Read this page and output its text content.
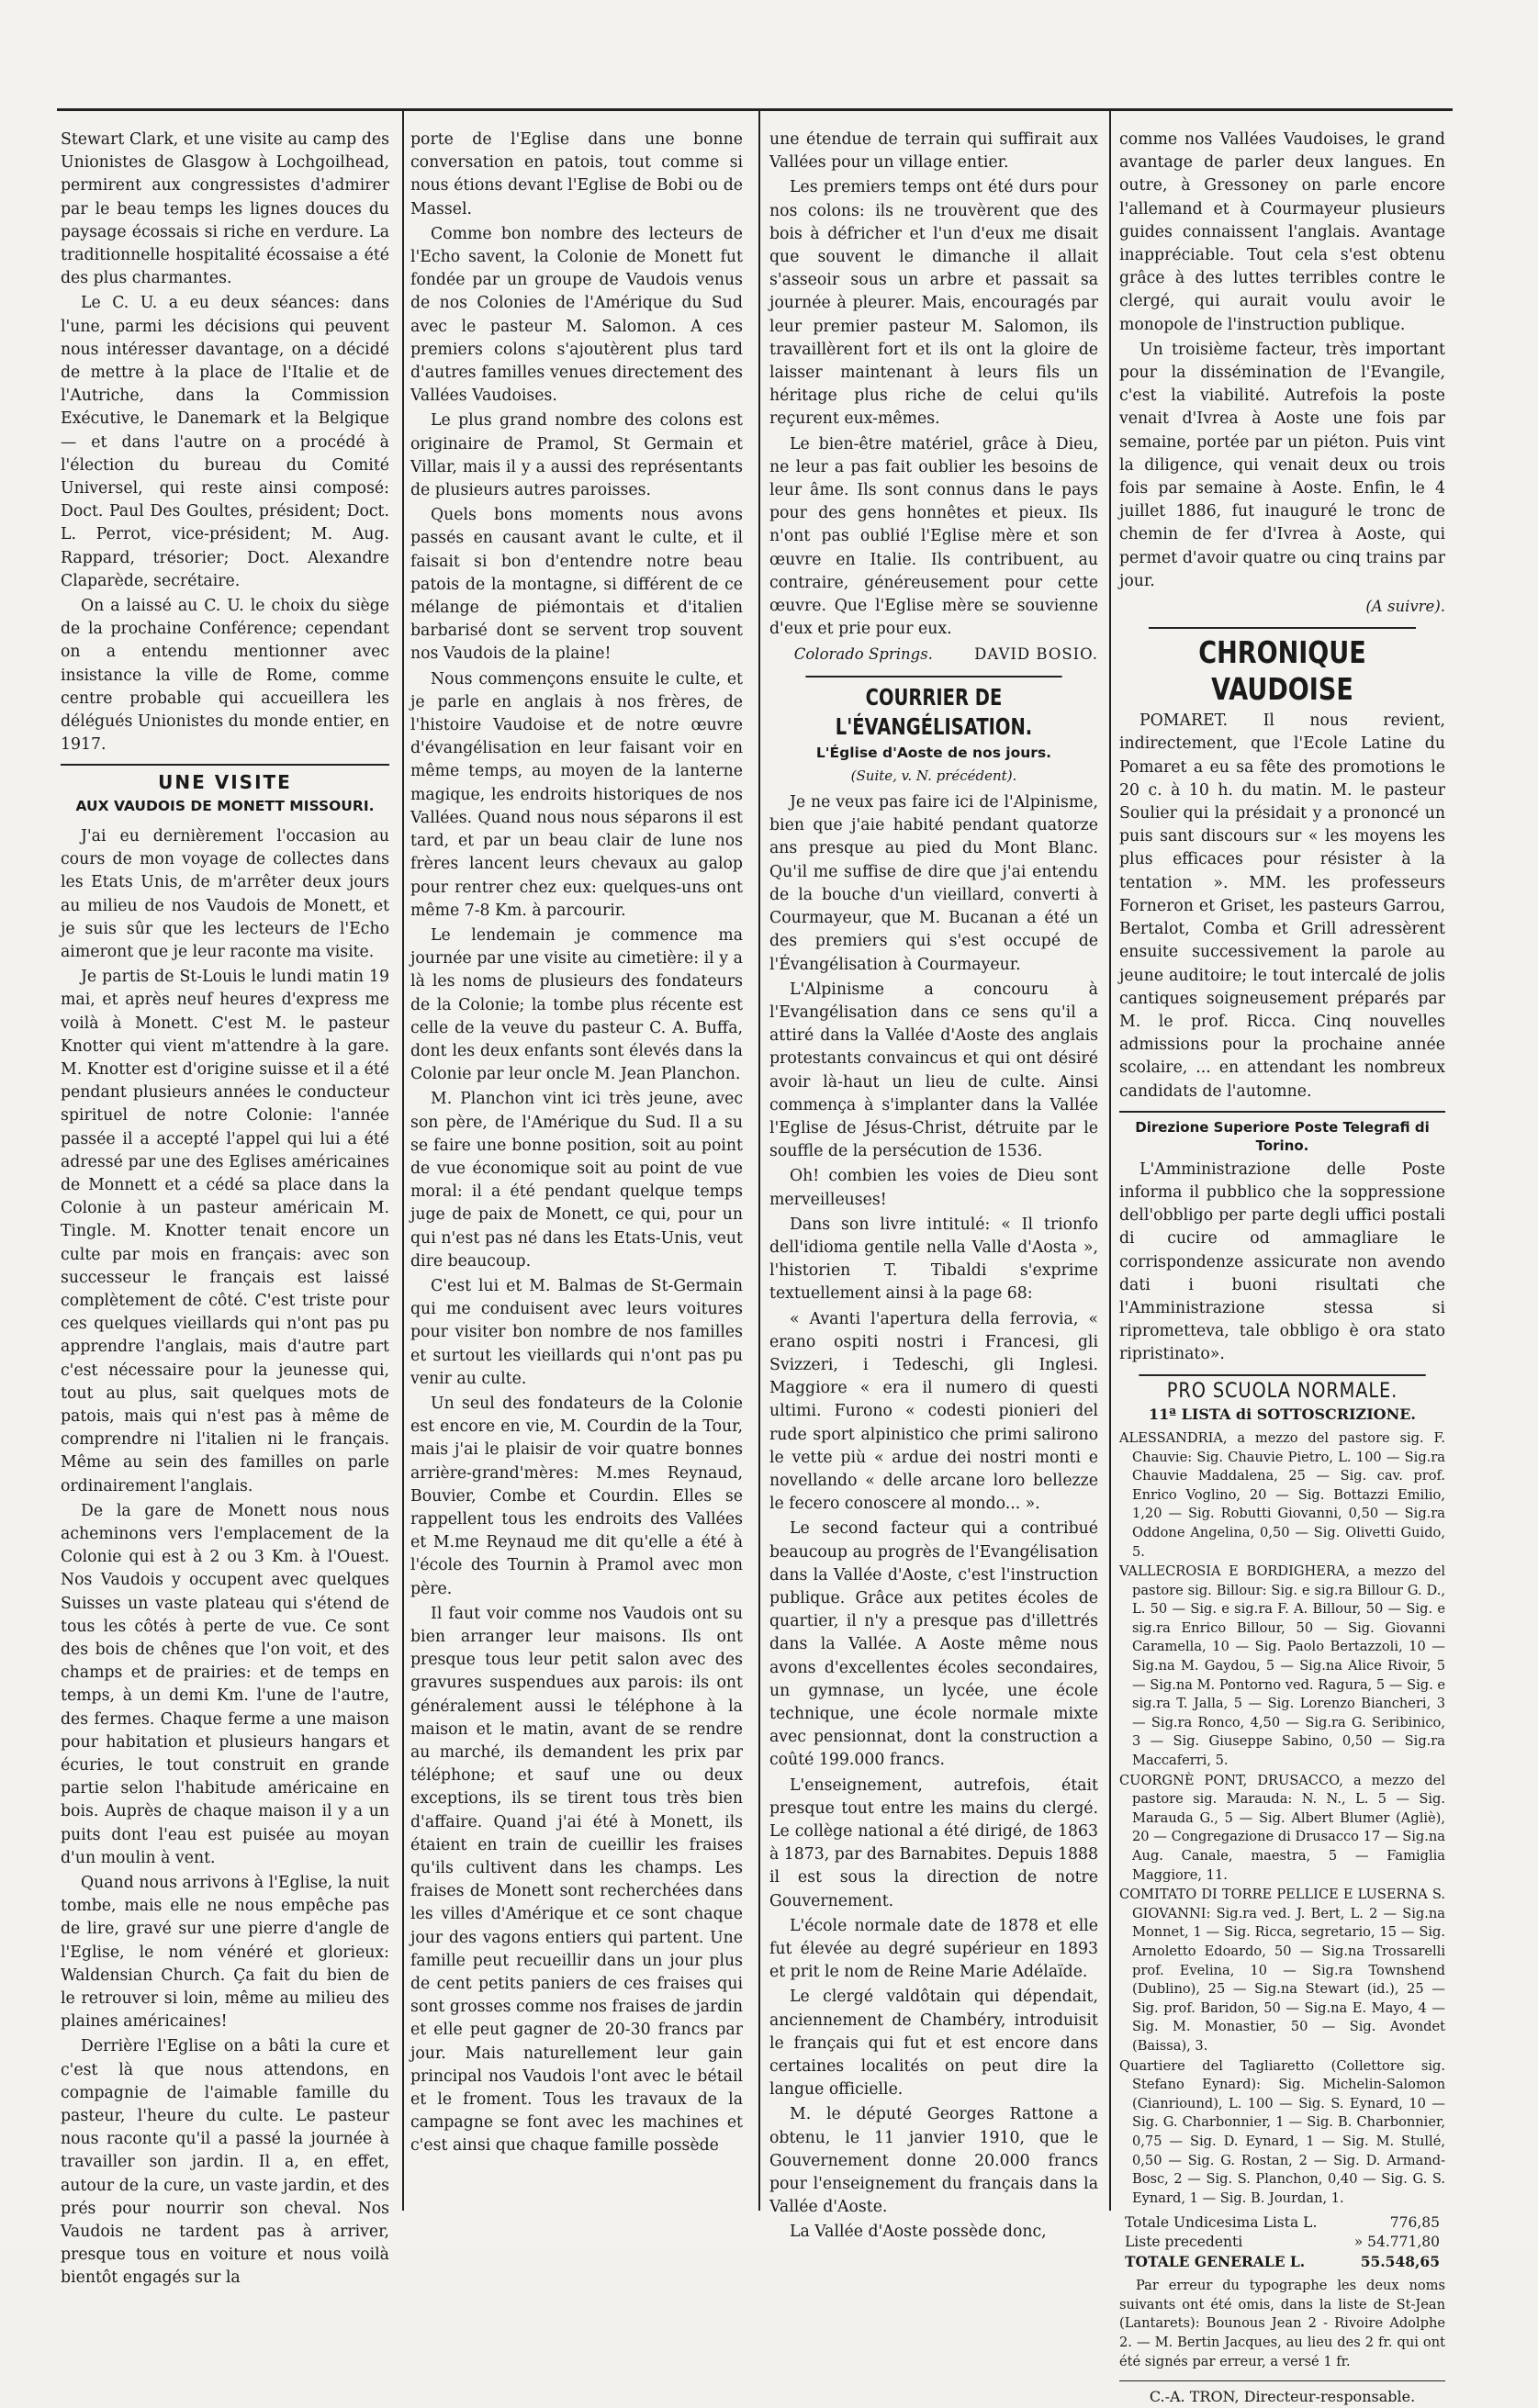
Stewart Clark, et une visite au camp des Unionistes de Glasgow à Lochgoilhead, permirent aux congressistes d'admirer par le beau temps les lignes douces du paysage écossais si riche en verdure. La traditionnelle hospitalité écossaise a été des plus charmantes.

Le C. U. a eu deux séances: dans l'une, parmi les décisions qui peuvent nous intéresser davantage, on a décidé de mettre à la place de l'Italie et de l'Autriche, dans la Commission Exécutive, le Danemark et la Belgique — et dans l'autre on a procédé à l'élection du bureau du Comité Universel, qui reste ainsi composé: Doct. Paul Des Goultes, président; Doct. L. Perrot, vice-président; M. Aug. Rappard, trésorier; Doct. Alexandre Claparède, secrétaire.

On a laissé au C. U. le choix du siège de la prochaine Conférence; cependant on a entendu mentionner avec insistance la ville de Rome, comme centre probable qui accueillera les délégués Unionistes du monde entier, en 1917.

UNE VISITE
AUX VAUDOIS DE MONETT MISSOURI.

J'ai eu dernièrement l'occasion au cours de mon voyage de collectes dans les Etats Unis, de m'arrêter deux jours au milieu de nos Vaudois de Monett, et je suis sûr que les lecteurs de l'Echo aimeront que je leur raconte ma visite.

Je partis de St-Louis le lundi matin 19 mai, et après neuf heures d'express me voilà à Monett. C'est M. le pasteur Knotter qui vient m'attendre à la gare. M. Knotter est d'origine suisse et il a été pendant plusieurs années le conducteur spirituel de notre Colonie: l'année passée il a accepté l'appel qui lui a été adressé par une des Eglises américaines de Monnett et a cédé sa place dans la Colonie à un pasteur américain M. Tingle. M. Knotter tenait encore un culte par mois en français: avec son successeur le français est laissé complètement de côté. C'est triste pour ces quelques vieillards qui n'ont pas pu apprendre l'anglais, mais d'autre part c'est nécessaire pour la jeunesse qui, tout au plus, sait quelques mots de patois, mais qui n'est pas à même de comprendre ni l'italien ni le français. Même au sein des familles on parle ordinairement l'anglais.

De la gare de Monett nous nous acheminons vers l'emplacement de la Colonie qui est à 2 ou 3 Km. à l'Ouest. Nos Vaudois y occupent avec quelques Suisses un vaste plateau qui s'étend de tous les côtés à perte de vue. Ce sont des bois de chênes que l'on voit, et des champs et de prairies: et de temps en temps, à un demi Km. l'une de l'autre, des fermes. Chaque ferme a une maison pour habitation et plusieurs hangars et écuries, le tout construit en grande partie selon l'habitude américaine en bois. Auprès de chaque maison il y a un puits dont l'eau est puisée au moyan d'un moulin à vent.

Quand nous arrivons à l'Eglise, la nuit tombe, mais elle ne nous empêche pas de lire, gravé sur une pierre d'angle de l'Eglise, le nom vénéré et glorieux: Waldensian Church. Ça fait du bien de le retrouver si loin, même au milieu des plaines américaines!

Derrière l'Eglise on a bâti la cure et c'est là que nous attendons, en compagnie de l'aimable famille du pasteur, l'heure du culte. Le pasteur nous raconte qu'il a passé la journée à travailler son jardin. Il a, en effet, autour de la cure, un vaste jardin, et des prés pour nourrir son cheval. Nos Vaudois ne tardent pas à arriver, presque tous en voiture et nous voilà bientôt engagés sur la

porte de l'Eglise dans une bonne conversation en patois, tout comme si nous étions devant l'Eglise de Bobi ou de Massel.

Comme bon nombre des lecteurs de l'Echo savent, la Colonie de Monett fut fondée par un groupe de Vaudois venus de nos Colonies de l'Amérique du Sud avec le pasteur M. Salomon. A ces premiers colons s'ajoutèrent plus tard d'autres familles venues directement des Vallées Vaudoises.

Le plus grand nombre des colons est originaire de Pramol, St Germain et Villar, mais il y a aussi des représentants de plusieurs autres paroisses.

Quels bons moments nous avons passés en causant avant le culte, et il faisait si bon d'entendre notre beau patois de la montagne, si différent de ce mélange de piémontais et d'italien barbarisé dont se servent trop souvent nos Vaudois de la plaine!

Nous commençons ensuite le culte, et je parle en anglais à nos frères, de l'histoire Vaudoise et de notre œuvre d'évangélisation en leur faisant voir en même temps, au moyen de la lanterne magique, les endroits historiques de nos Vallées. Quand nous nous séparons il est tard, et par un beau clair de lune nos frères lancent leurs chevaux au galop pour rentrer chez eux: quelques-uns ont même 7-8 Km. à parcourir.

Le lendemain je commence ma journée par une visite au cimetière: il y a là les noms de plusieurs des fondateurs de la Colonie; la tombe plus récente est celle de la veuve du pasteur C. A. Buffa, dont les deux enfants sont élevés dans la Colonie par leur oncle M. Jean Planchon.

M. Planchon vint ici très jeune, avec son père, de l'Amérique du Sud. Il a su se faire une bonne position, soit au point de vue économique soit au point de vue moral: il a été pendant quelque temps juge de paix de Monett, ce qui, pour un qui n'est pas né dans les Etats-Unis, veut dire beaucoup.

C'est lui et M. Balmas de St-Germain qui me conduisent avec leurs voitures pour visiter bon nombre de nos familles et surtout les vieillards qui n'ont pas pu venir au culte.

Un seul des fondateurs de la Colonie est encore en vie, M. Courdin de la Tour, mais j'ai le plaisir de voir quatre bonnes arrière-grand'mères: M.mes Reynaud, Bouvier, Combe et Courdin. Elles se rappellent tous les endroits des Vallées et M.me Reynaud me dit qu'elle a été à l'école des Tournin à Pramol avec mon père.

Il faut voir comme nos Vaudois ont su bien arranger leur maisons. Ils ont presque tous leur petit salon avec des gravures suspendues aux parois: ils ont généralement aussi le téléphone à la maison et le matin, avant de se rendre au marché, ils demandent les prix par téléphone; et sauf une ou deux exceptions, ils se tirent tous très bien d'affaire. Quand j'ai été à Monett, ils étaient en train de cueillir les fraises qu'ils cultivent dans les champs. Les fraises de Monett sont recherchées dans les villes d'Amérique et ce sont chaque jour des vagons entiers qui partent. Une famille peut recueillir dans un jour plus de cent petits paniers de ces fraises qui sont grosses comme nos fraises de jardin et elle peut gagner de 20-30 francs par jour. Mais naturellement leur gain principal nos Vaudois l'ont avec le bétail et le froment. Tous les travaux de la campagne se font avec les machines et c'est ainsi que chaque famille possède

une étendue de terrain qui suffirait aux Vallées pour un village entier.

Les premiers temps ont été durs pour nos colons: ils ne trouvèrent que des bois à défricher et l'un d'eux me disait que souvent le dimanche il allait s'asseoir sous un arbre et passait sa journée à pleurer. Mais, encouragés par leur premier pasteur M. Salomon, ils travaillèrent fort et ils ont la gloire de laisser maintenant à leurs fils un héritage plus riche de celui qu'ils reçurent eux-mêmes.

Le bien-être matériel, grâce à Dieu, ne leur a pas fait oublier les besoins de leur âme. Ils sont connus dans le pays pour des gens honnêtes et pieux. Ils n'ont pas oublié l'Eglise mère et son œuvre en Italie. Ils contribuent, au contraire, généreusement pour cette œuvre. Que l'Eglise mère se souvienne d'eux et prie pour eux.

Colorado Springs.	DAVID BOSIO.
COURRIER DE L'ÉVANGÉLISATION.
L'Église d'Aoste de nos jours.
(Suite, v. N. précédent).

Je ne veux pas faire ici de l'Alpinisme, bien que j'aie habité pendant quatorze ans presque au pied du Mont Blanc. Qu'il me suffise de dire que j'ai entendu de la bouche d'un vieillard, converti à Courmayeur, que M. Bucanan a été un des premiers qui s'est occupé de l'Évangélisation à Courmayeur.

L'Alpinisme a concouru à l'Evangélisation dans ce sens qu'il a attiré dans la Vallée d'Aoste des anglais protestants convaincus et qui ont désiré avoir là-haut un lieu de culte. Ainsi commença à s'implanter dans la Vallée l'Eglise de Jésus-Christ, détruite par le souffle de la persécution de 1536.

Oh! combien les voies de Dieu sont merveilleuses!

Dans son livre intitulé: « Il trionfo dell'idioma gentile nella Valle d'Aosta », l'historien T. Tibaldi s'exprime textuellement ainsi à la page 68:

« Avanti l'apertura della ferrovia, « erano ospiti nostri i Francesi, gli Svizzeri, i Tedeschi, gli Inglesi. Maggiore « era il numero di questi ultimi. Furono « codesti pionieri del rude sport alpinistico che primi salirono le vette più « ardue dei nostri monti e novellando « delle arcane loro bellezze le fecero conoscere al mondo... ».

Le second facteur qui a contribué beaucoup au progrès de l'Evangélisation dans la Vallée d'Aoste, c'est l'instruction publique. Grâce aux petites écoles de quartier, il n'y a presque pas d'illettrés dans la Vallée. A Aoste même nous avons d'excellentes écoles secondaires, un gymnase, un lycée, une école technique, une école normale mixte avec pensionnat, dont la construction a coûté 199.000 francs.

L'enseignement, autrefois, était presque tout entre les mains du clergé. Le collège national a été dirigé, de 1863 à 1873, par des Barnabites. Depuis 1888 il est sous la direction de notre Gouvernement.

L'école normale date de 1878 et elle fut élevée au degré supérieur en 1893 et prit le nom de Reine Marie Adélaïde.

Le clergé valdôtain qui dépendait, anciennement de Chambéry, introduisit le français qui fut et est encore dans certaines localités on peut dire la langue officielle.

M. le député Georges Rattone a obtenu, le 11 janvier 1910, que le Gouvernement donne 20.000 francs pour l'enseignement du français dans la Vallée d'Aoste.

La Vallée d'Aoste possède donc,

comme nos Vallées Vaudoises, le grand avantage de parler deux langues. En outre, à Gressoney on parle encore l'allemand et à Courmayeur plusieurs guides connaissent l'anglais. Avantage inappréciable. Tout cela s'est obtenu grâce à des luttes terribles contre le clergé, qui aurait voulu avoir le monopole de l'instruction publique.

Un troisième facteur, très important pour la dissémination de l'Evangile, c'est la viabilité. Autrefois la poste venait d'Ivrea à Aoste une fois par semaine, portée par un piéton. Puis vint la diligence, qui venait deux ou trois fois par semaine à Aoste. Enfin, le 4 juillet 1886, fut inauguré le tronc de chemin de fer d'Ivrea à Aoste, qui permet d'avoir quatre ou cinq trains par jour.

(A suivre).
CHRONIQUE VAUDOISE

POMARET. Il nous revient, indirectement, que l'Ecole Latine du Pomaret a eu sa fête des promotions le 20 c. à 10 h. du matin. M. le pasteur Soulier qui la présidait y a prononcé un puis sant discours sur « les moyens les plus efficaces pour résister à la tentation ». MM. les professeurs Forneron et Griset, les pasteurs Garrou, Bertalot, Comba et Grill adressèrent ensuite successivement la parole au jeune auditoire; le tout intercalé de jolis cantiques soigneusement préparés par M. le prof. Ricca. Cinq nouvelles admissions pour la prochaine année scolaire, ... en attendant les nombreux candidats de l'automne.

Direzione Superiore Poste Telegrafi di Torino.

L'Amministrazione delle Poste informa il pubblico che la soppressione dell'obbligo per parte degli uffici postali di cucire od ammagliare le corrispondenze assicurate non avendo dati i buoni risultati che l'Amministrazione stessa si riprometteva, tale obbligo è ora stato ripristinato».

PRO SCUOLA NORMALE.
11ª LISTA di SOTTOSCRIZIONE.

ALESSANDRIA, a mezzo del pastore sig. F. Chauvie: Sig. Chauvie Pietro, L. 100 — Sig.ra Chauvie Maddalena, 25 — Sig. cav. prof. Enrico Voglino, 20 — Sig. Bottazzi Emilio, 1,20 — Sig. Robutti Giovanni, 0,50 — Sig.ra Oddone Angelina, 0,50 — Sig. Olivetti Guido, 5.

VALLECROSIA E BORDIGHERA, a mezzo del pastore sig. Billour: Sig. e sig.ra Billour G. D., L. 50 — Sig. e sig.ra F. A. Billour, 50 — Sig. e sig.ra Enrico Billour, 50 — Sig. Giovanni Caramella, 10 — Sig. Paolo Bertazzoli, 10 — Sig.na M. Gaydou, 5 — Sig.na Alice Rivoir, 5 — Sig.na M. Pontorno ved. Ragura, 5 — Sig. e sig.ra T. Jalla, 5 — Sig. Lorenzo Biancheri, 3 — Sig.ra Ronco, 4,50 — Sig.ra G. Seribinico, 3 — Sig. Giuseppe Sabino, 0,50 — Sig.ra Maccaferri, 5.

CUORGNÈ PONT, DRUSACCO, a mezzo del pastore sig. Marauda: N. N., L. 5 — Sig. Marauda G., 5 — Sig. Albert Blumer (Agliè), 20 — Congregazione di Drusacco 17 — Sig.na Aug. Canale, maestra, 5 — Famiglia Maggiore, 11.

COMITATO DI TORRE PELLICE E LUSERNA S. GIOVANNI: Sig.ra ved. J. Bert, L. 2 — Sig.na Monnet, 1 — Sig. Ricca, segretario, 15 — Sig. Arnoletto Edoardo, 50 — Sig.na Trossarelli prof. Evelina, 10 — Sig.ra Townshend (Dublino), 25 — Sig.na Stewart (id.), 25 — Sig. prof. Baridon, 50 — Sig.na E. Mayo, 4 — Sig. M. Monastier, 50 — Sig. Avondet (Baissa), 3.

Quartiere del Tagliaretto (Collettore sig. Stefano Eynard): Sig. Michelin-Salomon (Cianriound), L. 100 — Sig. S. Eynard, 10 — Sig. G. Charbonnier, 1 — Sig. B. Charbonnier, 0,75 — Sig. D. Eynard, 1 — Sig. M. Stullé, 0,50 — Sig. G. Rostan, 2 — Sig. D. Armand-Bosc, 2 — Sig. S. Planchon, 0,40 — Sig. G. S. Eynard, 1 — Sig. B. Jourdan, 1.

Totale Undicesima Lista L.	776,85
Liste precedenti	» 54.771,80
TOTALE GENERALE L.	55.548,65
Par erreur du typographe les deux noms suivants ont été omis, dans la liste de St-Jean (Lantarets): Bounous Jean 2 - Rivoire Adolphe 2. — M. Bertin Jacques, au lieu des 2 fr. qui ont été signés par erreur, a versé 1 fr.
C.-A. TRON, Directeur-responsable.
